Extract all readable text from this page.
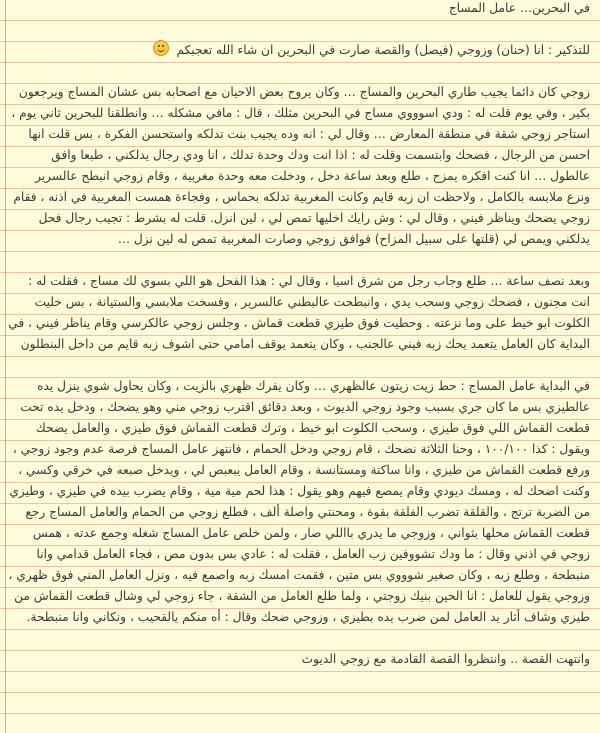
في البحرين… عامل المساج

للتذكير : انا (حنان) وزوجي (فيصل) والقصة صارت في البحرين ان شاء الله تعجبكم

زوجي كان دائما يجيب طاري البحرين والمساج … وكان يروح بعض الاحيان مع اصحابه بس عشان المساج ويرجعون بكير ، وفي يوم قلت له : ودي اسوووي مساج في البحرين مثلك ، قال : مافي مشكله … وانطلقنا للبحرين ثاني يوم ، استاجر زوجي شقة في منطقة المعارض … وقال لي : انه وده يجيب بنت تدلكه واستحسن الفكرة ، بس قلت انها احسن من الرجال ، فضحك وابتسمت وقلت له : اذا انت ودك وحدة تدلك ، انا ودي رجال يدلكني ، طبعا وافق عالطول … انا كنت افكره يمزح ، طلع وبعد ساعة دخل ، ودخلت معه وحدة مغربية ، وقام زوجي انبطح عالسرير ونزع ملابسه بالكامل ، ولاحظت ان زبه قايم وكانت المغربية تدلكه بحماس ، وفجاءة همست المغربية في اذنه ، فقام زوجي يضحك ويناظر فيني ، وقال لي : وش رايك اخليها تمص لي ، لين انزل. قلت له بشرط : تجيب رجال فحل يدلكني ويمص لي (قلتها على سبيل المزاح) فوافق زوجي وصارت المغربية تمص له لين نزل …

وبعد نصف ساعة … طلع وجاب رجل من شرق اسيا ، وقال لي : هذا الفحل هو اللي بسوي لك مساج ، فقلت له : انت مجنون ، فضحك زوجي وسحب يدي ، وانبطحت عالبطني عالسرير ، وفسخت ملابسي والستيانة ، بس خليت الكلوت ابو خيط على وما نزعته . وحطيت فوق طيزي قطعت قماش ، وجلس زوجي عالكرسي وقام يناظر فيني ، في البداية كان العامل يتعمد يحك زبه فيني عالجنب ، وكان يتعمد يوقف امامي حتى اشوف زبه قايم من داخل البنطلون

في البداية عامل المساج : حط زيت زيتون عالظهري … وكان يفرك ظهري بالزيت ، وكان يحاول شوي ينزل يده عالطيزي بس ما كان جري بسبب وجود زوجي الديوث ، وبعد دقائق اقترب زوجي مني وهو يضحك ، ودخل يده تحت قطعت القماش اللي فوق طيزي ، وسحب الكلوت ابو خيط ، وترك قطعت القماش فوق طيزي ، والعامل يضحك ويقول : كذا ١٠٠/١٠٠ ، وحنا الثلاثة نضحك ، قام زوجي ودخل الحمام ، فانتهز عامل المساج فرصة عدم وجود زوجي ، ورفع قطعت القماش من طيزي ، وانا ساكتة ومستانسة ، وقام العامل يبعبص لي ، ويدخل صبعه في خرقي وكسي ، وكنت اضحك له ، ومسك ديودي وقام يمصع فيهم وهو يقول : هذا لحم مية مية ، وقام يضرب بيده في طيزي ، وطيزي من الضربة ترتج ، والقلقة تضرب الفلقة بقوة ، ومحنتي واصلة ألف ، فطلع زوجي من الحمام والعامل المساج رجع قطعت القماش محلها بثواني ، وزوجي ما يدري بااللي صار ، ولمن خلص عامل المساج شغله وجمع عدته ، همس زوجي في اذني وقال : ما ودك تشووفين زب العامل ، فقلت له : عادي بس بدون مص ، فجاء العامل قدامي وانا منبطحة ، وطلع زبه ، وكان صغير شوووي بس متين ، فقمت امسك زبه واصمع فيه ، ونزل العامل المني فوق ظهري ، وزوجي يقول للعامل : انا الحين بنيك زوجتي ، ولما طلع العامل من الشقة ، جاء زوجي لي وشال قطعت القماش من طيزي وشاف أثار يد العامل لمن ضرب يده بطيزي ، وزوجي ضحك وقال : أه منكم يالقحيب ، ونكاني وانا منبطحة.

وانتهت القصة .. وانتظروا القصة القادمة مع زوجي الديوث
